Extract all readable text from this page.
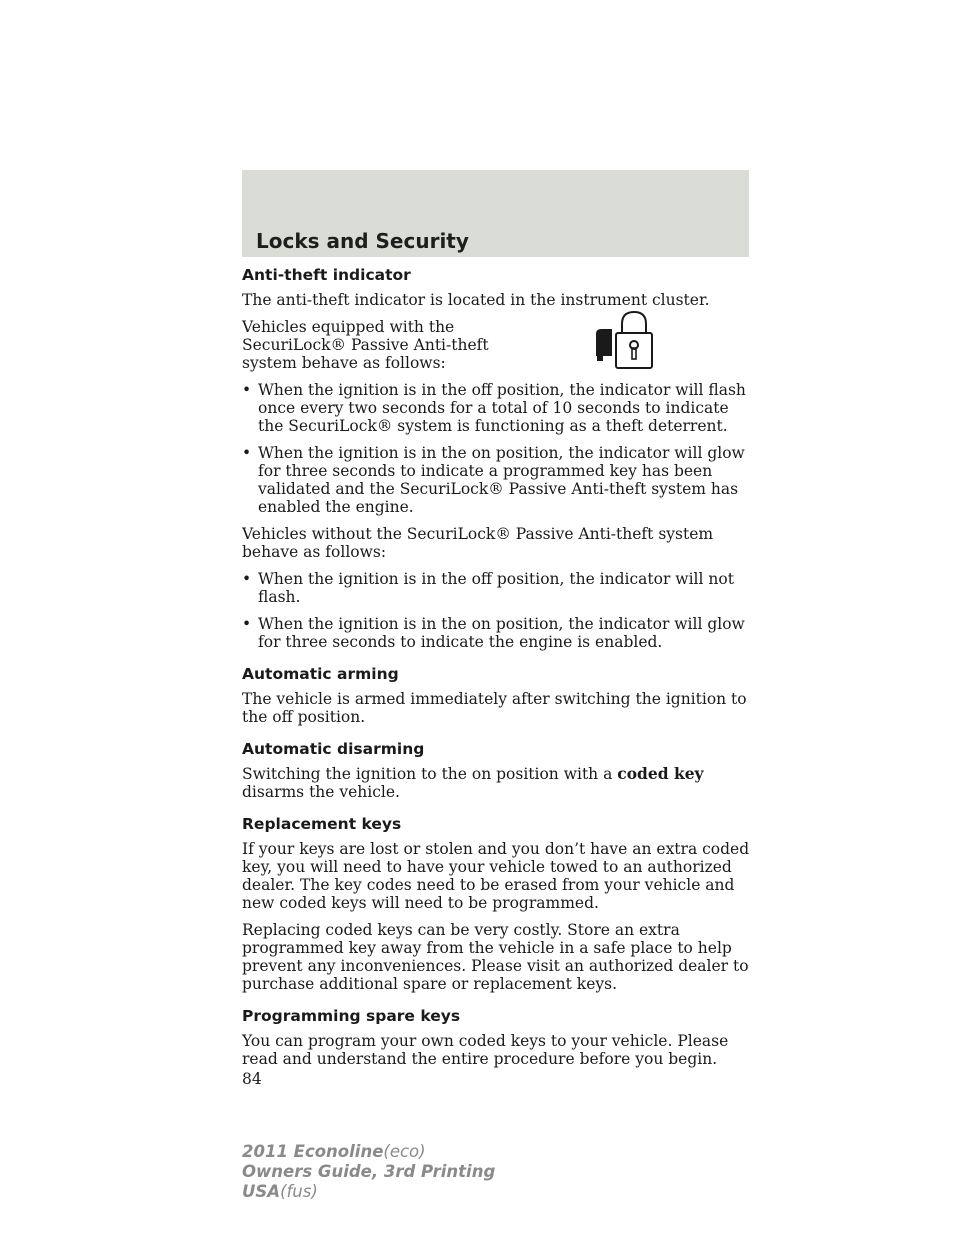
Locks and Security
Anti-theft indicator

The anti-theft indicator is located in the instrument cluster.

Vehicles equipped with the SecuriLock® Passive Anti-theft system behave as follows:

• When the ignition is in the off position, the indicator will flash once every two seconds for a total of 10 seconds to indicate the SecuriLock® system is functioning as a theft deterrent.
• When the ignition is in the on position, the indicator will glow for three seconds to indicate a programmed key has been validated and the SecuriLock® Passive Anti-theft system has enabled the engine.

Vehicles without the SecuriLock® Passive Anti-theft system behave as follows:

• When the ignition is in the off position, the indicator will not flash.
• When the ignition is in the on position, the indicator will glow for three seconds to indicate the engine is enabled.
Automatic arming

The vehicle is armed immediately after switching the ignition to the off position.

Automatic disarming

Switching the ignition to the on position with a coded key disarms the vehicle.

Replacement keys

If your keys are lost or stolen and you don’t have an extra coded key, you will need to have your vehicle towed to an authorized dealer. The key codes need to be erased from your vehicle and new coded keys will need to be programmed.

Replacing coded keys can be very costly. Store an extra programmed key away from the vehicle in a safe place to help prevent any inconveniences. Please visit an authorized dealer to purchase additional spare or replacement keys.

Programming spare keys

You can program your own coded keys to your vehicle. Please read and understand the entire procedure before you begin.

84
2011 Econoline(eco)
Owners Guide, 3rd Printing
USA(fus)
